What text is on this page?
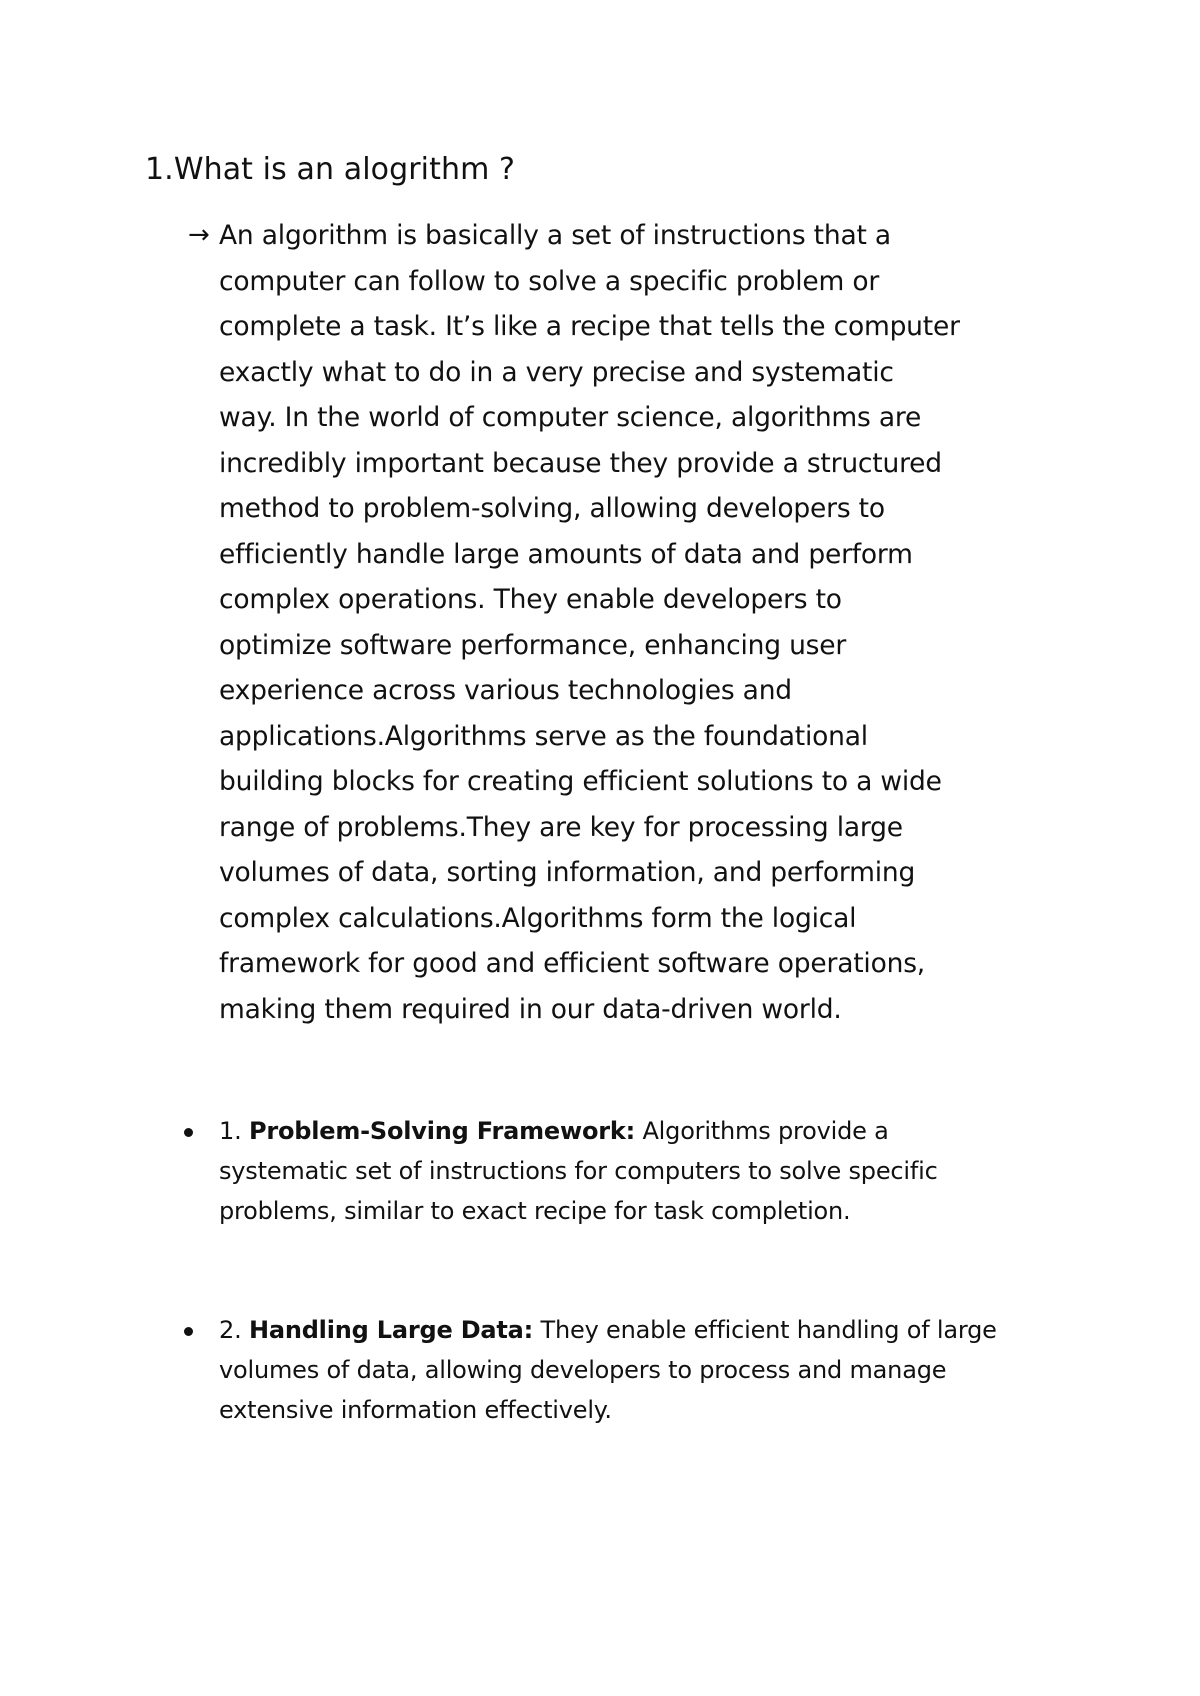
1.What is an alogrithm ?
→ An algorithm is basically a set of instructions that a
computer can follow to solve a specific problem or
complete a task. It’s like a recipe that tells the computer
exactly what to do in a very precise and systematic
way. In the world of computer science, algorithms are
incredibly important because they provide a structured
method to problem-solving, allowing developers to
efficiently handle large amounts of data and perform
complex operations. They enable developers to
optimize software performance, enhancing user
experience across various technologies and
applications.Algorithms serve as the foundational
building blocks for creating efficient solutions to a wide
range of problems.They are key for processing large
volumes of data, sorting information, and performing
complex calculations.Algorithms form the logical
framework for good and efficient software operations,
making them required in our data-driven world.
1. Problem-Solving Framework: Algorithms provide a
systematic set of instructions for computers to solve specific
problems, similar to exact recipe for task completion.
2. Handling Large Data: They enable efficient handling of large
volumes of data, allowing developers to process and manage
extensive information effectively.
